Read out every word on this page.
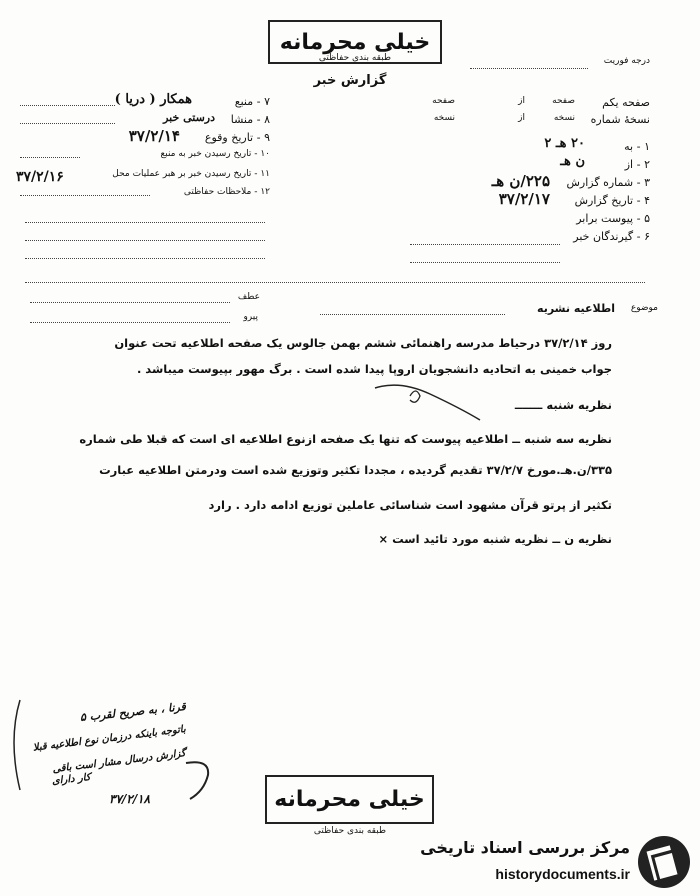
خیلی محرمانه
طبقه بندی حفاظتی
گزارش خبر
درجه فوریت
صفحه یکم
صفحه
از
صفحه
نسخهٔ شماره
نسخه
از
نسخه
۱ - به
۲۰ هـ ۲
۲ - از
ن هـ
۳ - شماره گزارش
۲۲۵/ن هـ
۴ - تاریخ گزارش
۳۷/۲/۱۷
۵ - پیوست برابر
۶ - گیرندگان خبر
همکار ( دریا )	۷ - منبع
درستی خبر ۸ - منشا
۳۷/۲/۱۴ ۹ - تاریخ وقوع
۱۰ - تاریخ رسیدن خبر به منبع
۳۷/۲/۱۶	۱۱ - تاریخ رسیدن خبر بر هبر عملیات محل
۱۲ - ملاحظات حفاظتی
عطف
پیرو
موضوع
اطلاعیه نشریه
روز ۳۷/۲/۱۴ درحیاط مدرسه راهنمائی ششم بهمن جالوس یک صفحه اطلاعیه تحت عنوان
جواب خمینی به اتحادیه دانشجویان اروپا پیدا شده است . برگ مهور بپیوست میباشد .
نظریه شنبه ـــــــ
نظریه سه شنبه ــ اطلاعیه پیوست که تنها یک صفحه ازنوع اطلاعیه ای است که قبلا طی شماره
۳۳۵/ن.هـ.مورخ ۳۷/۲/۷ تقدیم گردیده ، مجددا تکثیر وتوزیع شده است ودرمتن اطلاعیه عبارت
تکثیر از پرتو قرآن مشهود است شناسائی عاملین توزیع ادامه دارد . رارد
نظریه ن ــ نظریه شنبه مورد تائید است ×
قرنا ، به صریح لقرب ۵
باتوجه باینکه درزمان نوع اطلاعیه قبلا
گزارش درسال مشار است باقی
کار دارای
۳۷/۲/۱۸	خیلی محرمانه
طبقه بندی حفاظتی
مرکز بررسی اسناد تاریخی
historydocuments.ir
